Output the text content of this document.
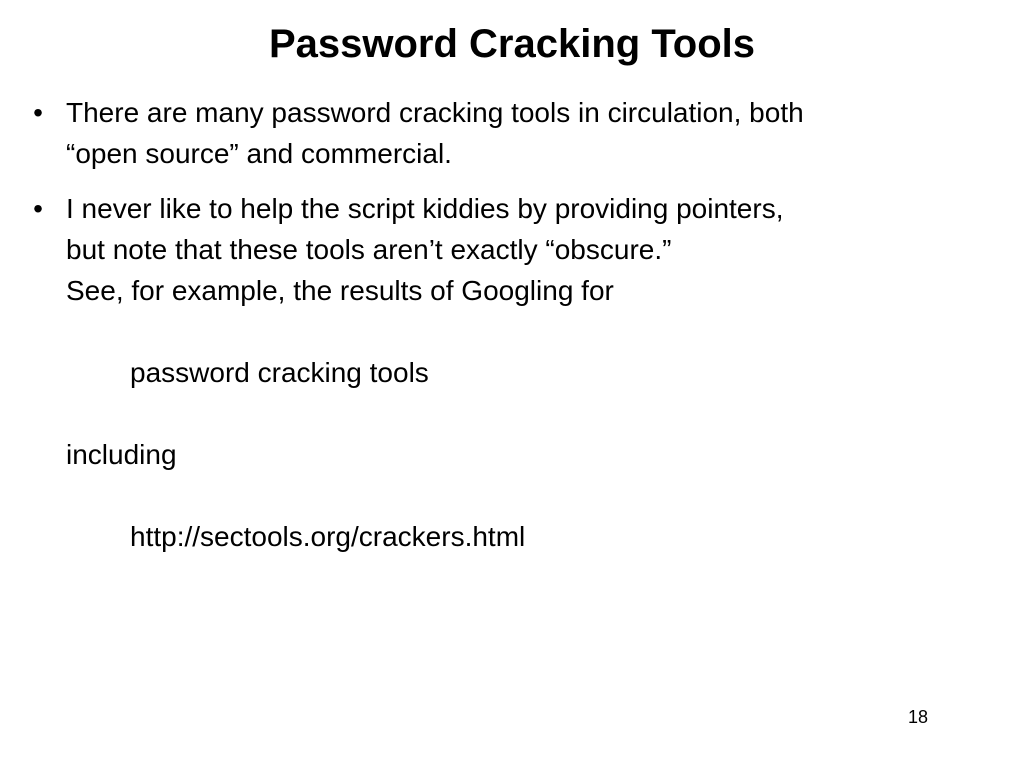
Password Cracking Tools
• There are many password cracking tools in circulation, both
“open source” and commercial.
• I never like to help the script kiddies by providing pointers,
but note that these tools aren’t exactly “obscure.”
See, for example, the results of Googling for
password cracking tools
including
http://sectools.org/crackers.html
18
